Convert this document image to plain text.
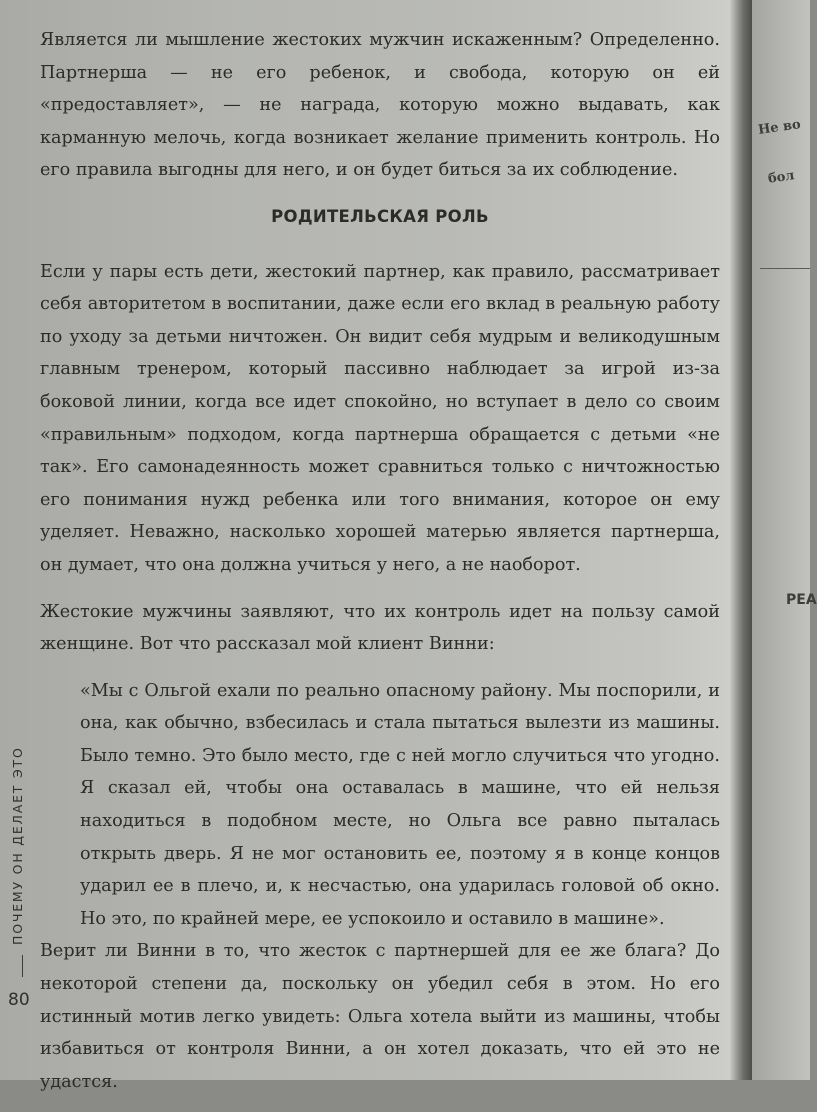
Является ли мышление жестоких мужчин искаженным? Определенно. Партнерша — не его ребенок, и свобода, которую он ей «предоставляет», — не награда, которую можно выдавать, как карманную мелочь, когда возникает желание применить контроль. Но его правила выгодны для него, и он будет биться за их соблюдение.

РОДИТЕЛЬСКАЯ РОЛЬ

Если у пары есть дети, жестокий партнер, как правило, рассматривает себя авторитетом в воспитании, даже если его вклад в реальную работу по уходу за детьми ничтожен. Он видит себя мудрым и великодушным главным тренером, который пассивно наблюдает за игрой из-за боковой линии, когда все идет спокойно, но вступает в дело со своим «правильным» подходом, когда партнерша обращается с детьми «не так». Его самонадеянность может сравниться только с ничтожностью его понимания нужд ребенка или того внимания, которое он ему уделяет. Неважно, насколько хорошей матерью является партнерша, он думает, что она должна учиться у него, а не наоборот.

Жестокие мужчины заявляют, что их контроль идет на пользу самой женщине. Вот что рассказал мой клиент Винни:

«Мы с Ольгой ехали по реально опасному району. Мы поспорили, и она, как обычно, взбесилась и стала пытаться вылезти из машины. Было темно. Это было место, где с ней могло случиться что угодно. Я сказал ей, чтобы она оставалась в машине, что ей нельзя находиться в подобном месте, но Ольга все равно пыталась открыть дверь. Я не мог остановить ее, поэтому я в конце концов ударил ее в плечо, и, к несчастью, она ударилась головой об окно. Но это, по крайней мере, ее успокоило и оставило в машине».

Верит ли Винни в то, что жесток с партнершей для ее же блага? До некоторой степени да, поскольку он убедил себя в этом. Но его истинный мотив легко увидеть: Ольга хотела выйти из машины, чтобы избавиться от контроля Винни, а он хотел доказать, что ей это не удастся.

ПОЧЕМУ ОН ДЕЛАЕТ ЭТО
80
Не во
бол
РЕА
